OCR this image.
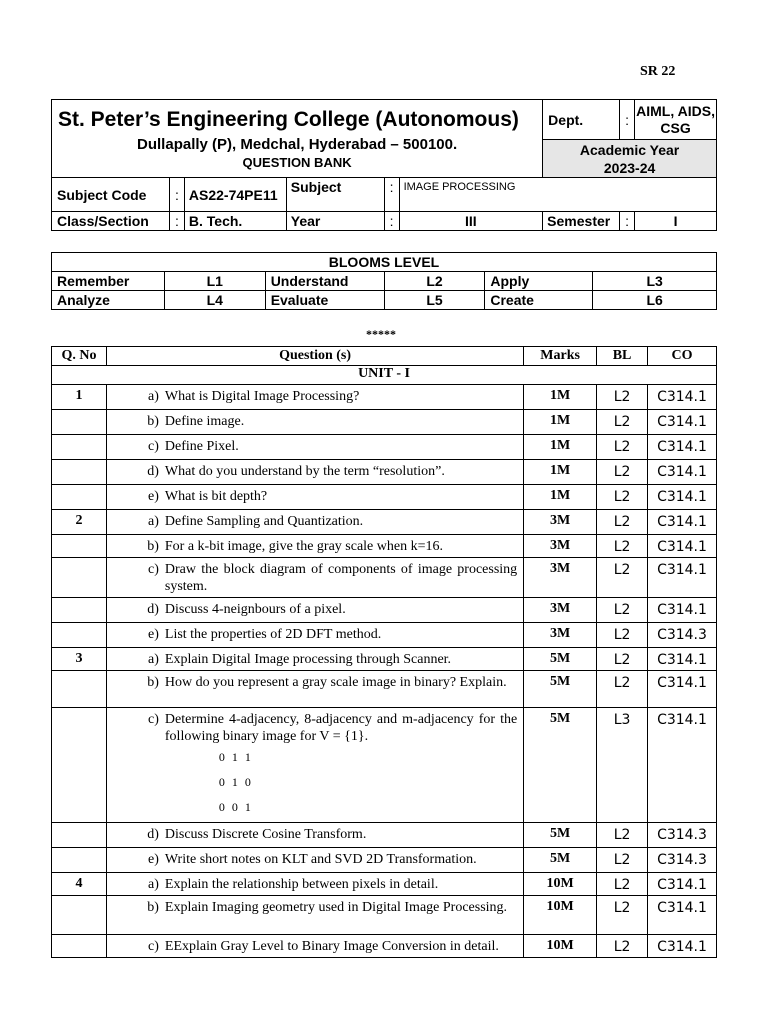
SR 22
St. Peter’s Engineering College (Autonomous)
Dullapally (P), Medchal, Hyderabad – 500100.
QUESTION BANK						Dept.	:	AIML, AIDS, CSG

						Academic Year
2023-24		

Subject Code	:	AS22-74PE11	Subject	:	IMAGE PROCESSING			
Class/Section	:	B. Tech.	Year	:	III	Semester	:	I
BLOOMS LEVEL					
Remember	L1	Understand	L2	Apply	L3
Analyze	L4	Evaluate	L5	Create	L6
*****
Q. No	Question (s)	Marks	BL	CO
UNIT - I				
1	a) What is Digital Image Processing?	1M	L2	C314.1

	b) Define image.	1M	L2	C314.1

	c) Define Pixel.	1M	L2	C314.1

	d) What do you understand by the term “resolution”.	1M	L2	C314.1

	e) What is bit depth?	1M	L2	C314.1
2	a) Define Sampling and Quantization.	3M	L2	C314.1

	b) For a k-bit image, give the gray scale when k=16.	3M	L2	C314.1

	c) Draw the block diagram of components of image processing system.	3M	L2	C314.1

	d) Discuss 4-neignbours of a pixel.	3M	L2	C314.1

	e) List the properties of 2D DFT method.	3M	L2	C314.3
3	a) Explain Digital Image processing through Scanner.	5M	L2	C314.1

	b) How do you represent a gray scale image in binary? Explain.	5M	L2	C314.1

	c) Determine 4-adjacency, 8-adjacency and m-adjacency for the following binary image for V = {1}.
0 1 1
0 1 0
0 0 1	5M	L3	C314.1

	d) Discuss Discrete Cosine Transform.	5M	L2	C314.3

	e) Write short notes on KLT and SVD 2D Transformation.	5M	L2	C314.3
4	a) Explain the relationship between pixels in detail.	10M	L2	C314.1

	b) Explain Imaging geometry used in Digital Image Processing.	10M	L2	C314.1

	c) EExplain Gray Level to Binary Image Conversion in detail.	10M	L2	C314.1
